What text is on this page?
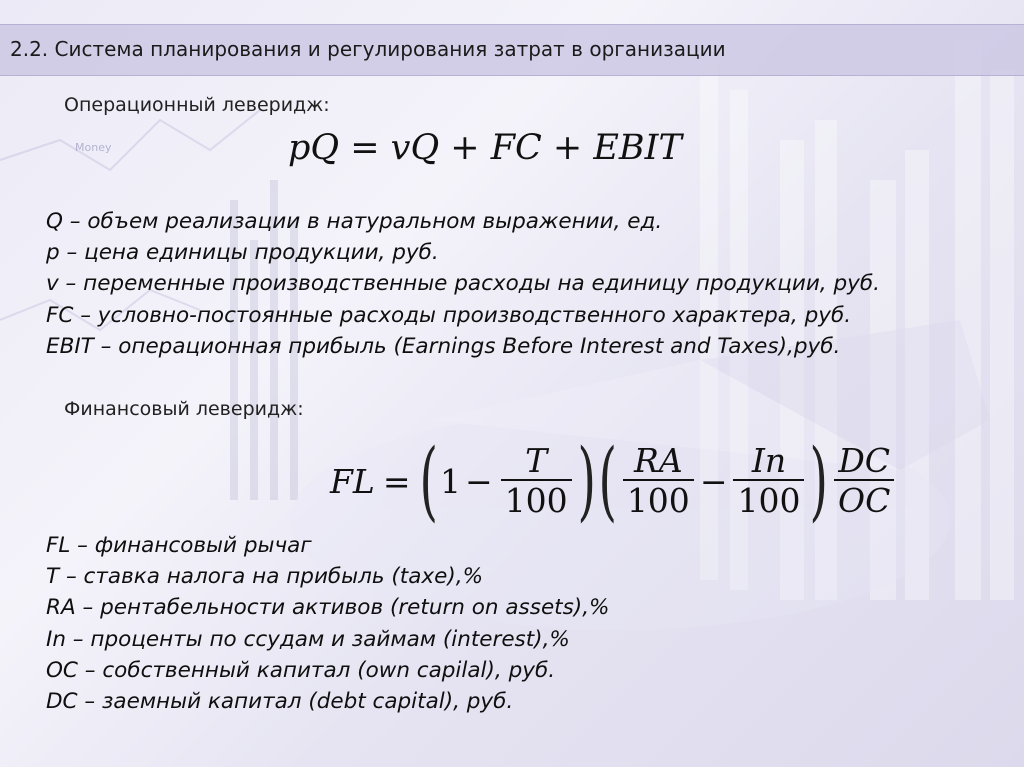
Money
2.2. Система планирования и регулирования затрат в организации
Операционный леверидж:
pQ = vQ + FC + EBIT
Q – объем реализации в натуральном выражении, ед.
p – цена единицы продукции, руб.
v – переменные производственные расходы на единицу продукции, руб.
FC – условно-постоянные расходы производственного характера, руб.
EBIT – операционная прибыль (Earnings Before Interest and Taxes),руб.
Финансовый леверидж:
FL = ( $1 - \frac{T}{100}$ ) ( $\frac{RA}{100} - \frac{In}{100}$ ) $\frac{DC}{OC}$
FL – финансовый рычаг
T – ставка налога на прибыль (taxe),%
RA – рентабельности активов (return on assets),%
In – проценты по ссудам и займам (interest),%
OC – собственный капитал (own capilal), руб.
DC – заемный капитал (debt capital), руб.
